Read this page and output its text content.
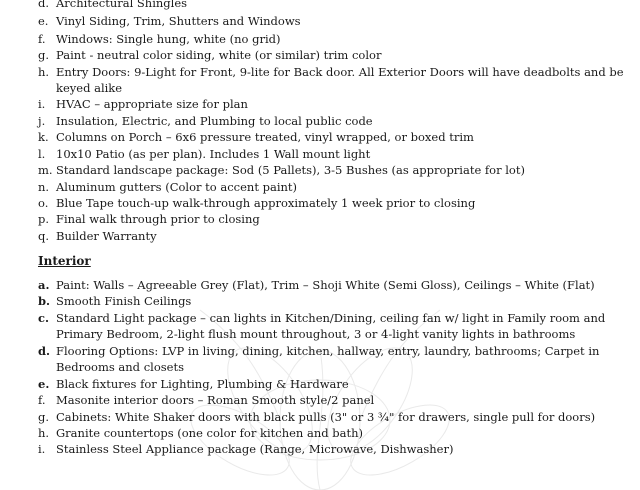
d. Architectural Shingles
e. Vinyl Siding, Trim, Shutters and Windows
f. Windows: Single hung, white (no grid)
g. Paint - neutral color siding, white (or similar) trim color
h. Entry Doors: 9-Light for Front, 9-lite for Back door. All Exterior Doors will have deadbolts and be
keyed alike
i. HVAC – appropriate size for plan
j. Insulation, Electric, and Plumbing to local public code
k. Columns on Porch – 6x6 pressure treated, vinyl wrapped, or boxed trim
l. 10x10 Patio (as per plan). Includes 1 Wall mount light
m. Standard landscape package: Sod (5 Pallets), 3-5 Bushes (as appropriate for lot)
n. Aluminum gutters (Color to accent paint)
o. Blue Tape touch-up walk-through approximately 1 week prior to closing
p. Final walk through prior to closing
q. Builder Warranty
Interior
a. Paint: Walls – Agreeable Grey (Flat), Trim – Shoji White (Semi Gloss), Ceilings – White (Flat)
b. Smooth Finish Ceilings
c. Standard Light package – can lights in Kitchen/Dining, ceiling fan w/ light in Family room and
Primary Bedroom, 2-light flush mount throughout, 3 or 4-light vanity lights in bathrooms
d. Flooring Options: LVP in living, dining, kitchen, hallway, entry, laundry, bathrooms; Carpet in
Bedrooms and closets
e. Black fixtures for Lighting, Plumbing & Hardware
f. Masonite interior doors – Roman Smooth style/2 panel
g. Cabinets: White Shaker doors with black pulls (3" or 3 ¾" for drawers, single pull for doors)
h. Granite countertops (one color for kitchen and bath)
i. Stainless Steel Appliance package (Range, Microwave, Dishwasher)
